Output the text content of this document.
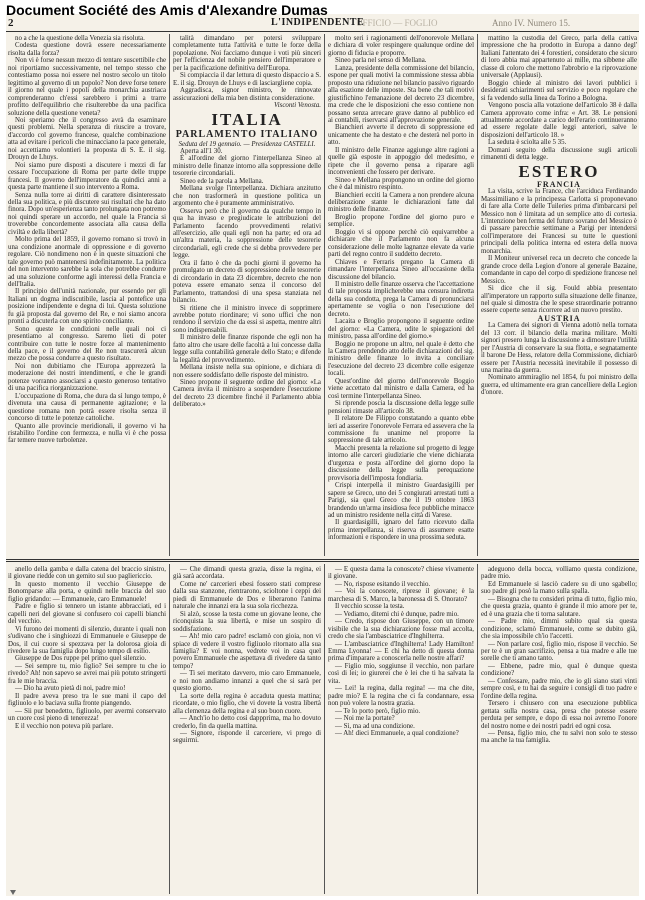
Document Société des Amis d'Alexandre Dumas
2	L'INDIPENDENTE
UFFICIO — FOGLIO	Anno IV. Numero 15.

no a che la questione della Venezia sia risoluta.

Codesta questione dovrà essere necessariamente risolta dalla forza?

Non vi è forse nessun mezzo di tentare suscettibile che noi riportiamo successivamente, nel tempo stesso che contestiamo possa noi essere nel nostro secolo un titolo legittimo al governo di un popolo? Non deve forse tenere il giorno nel quale i popoli della monarchia austriaca comprenderanno ch'essi sarebbero i primi a trarre profitto dell'equilibrio che risulterebbe da una pacifica soluzione della questione veneta?

Noi speriamo che il congresso avrà da esaminare questi problemi. Nella speranza di riuscire a trovare, d'accordo col governo francese, qualche combinazione atta ad evitare i pericoli che minacciano la pace generale, noi accettiamo volontieri la proposta di S. E. il sig. Drouyn de Lhuys.

Noi siamo pure disposti a discutere i mezzi di far cessare l'occupazione di Roma per parte delle truppe francesi. Il governo dell'imperatore da quindici anni a questa parte mantiene il suo intervento a Roma.

Senza nulla torre ai diritti di carattere disinteressato della sua politica, e più discutere sui risultati che ha dato finora. Dopo un'esperienza tanto prolungata non potremo noi quindi sperare un accordo, nel quale la Francia si troverebbe concordemente associata alla causa della civiltà e della libertà?

Molto prima del 1859, il governo romano si trovò in una condizione anormale di oppressione e di governo regolare. Ciò nondimeno non è in queste situazioni che tale governo può mantenersi indefinitamente. La politica del non intervento sarebbe la sola che potrebbe condurre ad una soluzione conforme agli interessi della Francia e dell'Italia.

Il principio dell'unità nazionale, pur essendo per gli Italiani un dogma indiscutibile, lascia al pontefice una posizione indipendente e degna di lui. Questa soluzione fu già proposta dal governo del Re, e noi siamo ancora pronti a discuterla con uno spirito conciliante.

Sono queste le condizioni nelle quali noi ci presentiamo al congresso. Saremo lieti di poter contribuire con tutte le nostre forze al mantenimento della pace, e il governo del Re non trascurerà alcun mezzo che possa condurre a questo risultato.

Noi non dubitiamo che l'Europa apprezzerà la moderazione dei nostri intendimenti, e che le grandi potenze vorranno associarsi a questo generoso tentativo di una pacifica riorganizzazione.

L'occupazione di Roma, che dura da sì lungo tempo, è divenuta una causa di permanente agitazione; e la questione romana non potrà essere risolta senza il concorso di tutte le potenze cattoliche.

Quanto alle provincie meridionali, il governo vi ha ristabilito l'ordine con fermezza, e nulla vi è che possa far temere nuove turbolenze.

talità dimandano per potersi sviluppare completamente tutta l'attività e tutte le forze della popolazione. Noi facciamo dunque i voti più sinceri per l'efficienza del nobile pensiero dell'imperatore e per la pacificazione definitiva dell'Europa.

Si compiaccia il dar lettura di questo dispaccio a S. E. il sig. Drouyn de Lhuys e di lasciargliene copia.

Aggradisca, signor ministro, le rinnovate assicurazioni della mia ben distinta considerazione.

Visconti Venosta.

ITALIA

PARLAMENTO ITALIANO

Seduta del 19 gennaio. — Presidenza CASTELLI.

Aperta all'1 30.

È all'ordine del giorno l'interpellanza Sineo al ministro delle finanze intorno alla soppressione delle tesorerie circondariali.

Sineo ede la parola a Mellana.

Mellana svolge l'interpellanza. Dichiara anzitutto che non trasformerà in questione politica un argomento che è puramente amministrativo.

Osserva però che il governo da qualche tempo in qua ha invaso e pregiudicate le attribuzioni del Parlamento facendo provvedimenti relativi all'esercizio, alle quali egli non ha parte; ed ora ad un'altra materia, la soppressione delle tesorerie circondariali, egli crede che si debba provvedere per legge.

Ora il fatto è che da pochi giorni il governo ha promulgato un decreto di soppressione delle tesorerie di circondario in data 23 dicembre, decreto che non poteva essere emanato senza il concorso del Parlamento, trattandosi di una spesa stanziata nel bilancio.

Si ritiene che il ministro invece di sopprimere avrebbe potuto riordinare; vi sono uffici che non rendono il servizio che da essi si aspetta, mentre altri sono indispensabili.

Il ministro delle finanze risponde che egli non ha fatto altro che usare delle facoltà a lui concesse dalla legge sulla contabilità generale dello Stato; e difende la legalità del provvedimento.

Mellana insiste nella sua opinione, e dichiara di non essere soddisfatto delle risposte del ministro.

Sineo propone il seguente ordine del giorno: «La Camera invita il ministro a sospendere l'esecuzione del decreto 23 dicembre finché il Parlamento abbia deliberato.»

molto seri i ragionamenti dell'onorevole Mellana e dichiara di voler respingere qualunque ordine del giorno di fiducia e proporre.

Sineo parla nel senso di Mellana.

Lanza, presidente della commissione del bilancio, espone per quali motivi la commissione stessa abbia proposto una riduzione nel bilancio passivo riguardo alla esazione delle imposte. Sta bene che tali motivi giustifichino l'emanazione del decreto 23 dicembre, ma crede che le disposizioni che esso contiene non possano senza arrecare grave danno al pubblico ed ai contabili, riservarsi all'approvazione generale.

Bianchieri avverte il decreto di soppressione ed unicamente che ha destato e che desterà nel porto in atto.

Il ministro delle Finanze aggiunge altre ragioni a quelle già esposte in appoggio del medesimo, e ripete che il governo pensa a riparare agli inconvenienti che fossero per derivare.

Sineo e Mellana propongono un ordine del giorno che è dal ministro respinto.

Bianchieri ecciti la Camera a non prendere alcuna deliberazione stante le dichiarazioni fatte dal ministro delle finanze.

Broglio propone l'ordine del giorno puro e semplice.

Boggio vi si oppone perchè ciò equivarrebbe a dichiarare che il Parlamento non fa alcuna considerazione delle molte lagnanze elevate da varie parti del regno contro il suddetto decreto.

Chiaves e Ferraris pregano la Camera di rimandare l'interpellanza Sineo all'occasione della discussione del bilancio.

Il ministro delle finanze osserva che l'accettazione di tale proposta implicherebbe una censura indiretta della sua condotta, prega la Camera di pronunciarsi apertamente se voglia o non l'esecuzione del decreto.

Lacaita e Broglio propongono il seguente ordine del giorno: «La Camera, udite le spiegazioni del ministro, passa all'ordine del giorno.»

Boggio ne propone un altro, nel quale è detto che la Camera prendendo atto delle dichiarazioni del sig. ministro delle finanze lo invita a conciliare l'esecuzione del decreto 23 dicembre colle esigenze locali.

Quest'ordine del giorno dell'onorevole Boggio viene accettato dal ministro e dalla Camera, ed ha così termine l'interpellanza Sineo.

Si riprende poscia la discussione della legge sulle pensioni rimaste all'articolo 38.

Il relatore De Filippo constatando a quanto ebbe ieri ad asserire l'onorevole Ferrara ed assevera che la commissione fu unanime nel proporre la soppressione di tale articolo.

Macchi presenta la relazione sul progetto di legge intorno alle carceri giudiziarie che viene dichiarata d'urgenza e posta all'ordine del giorno dopo la discussione della legge sulla perequazione provvisoria dell'imposta fondiaria.

Crispi interpella il ministro Guardasigilli per sapere se Greco, uno dei 5 congiurati arrestati tutti a Parigi, sia quel Greco che il 19 ottobre 1863 brandendo un'arma insidiosa fece pubbliche minacce ad un ministro residente nella città di Varese.

Il guardasigilli, ignaro del fatto ricevuto dalla prima interpellanza, si riserva di assumere esatte informazioni e rispondere in una prossima seduta.

mattino la custodia del Greco, parla della cattiva impressione che ha prodotto in Europa a danno degl' Italiani l'attentato dei 4 forestieri, considerato che sicuro di loro abbia mai appartenuto ai mille, ma sibbene alle classe di coloro che mettono l'abrobrio e la riprovazione universale (Applausi).

Boggio chiede al ministro dei lavori pubblici i desiderati schiarimenti sul servizio e poco regolare che si fa vedendo sulla linea da Torino a Bologna.

Vengono poscia alla votazione dell'articolo 38 è dalla Camera approvato come infra: « Art. 38. Le pensioni attualmente accordate a carico dell'erario continueranno ad essere regolate dalle leggi anteriori, salve le disposizioni dell'articolo 18. »

La seduta è sciolta alle 5 35.

Domani seguito della discussione sugli articoli rimanenti di detta legge.

ESTERO

FRANCIA

La visita, scrive la France, che l'arciduca Ferdinando Massimiliano e la principessa Carlotta sì proponevano di fare alla Corte delle Tuileries prima d'imbarcarsi pel Messico non è limitata ad un semplice atto di cortesia. L'intenzione ben ferma del futuro sovrano del Messico è di passare parecchie settimane a Parigi per intendersi coll'imperatore dei Francesi su tutte le questioni principali della politica interna ed estera della nuova monarchia.

Il Moniteur universel reca un decreto che concede la grande croce della Legion d'onore al generale Bazaine, comandante in capo del corpo di spedizione francese nel Messico.

Si dice che il sig. Fould abbia presentato all'imperatore un rapporto sulla situazione delle finanze, nel quale si dimostra che le spese straordinarie potranno essere coperte senza ricorrere ad un nuovo prestito.

AUSTRIA

La Camera dei signori di Vienna adottò nella tornata del 13 corr. il bilancio della marina militare. Molti signori presero lunga la discussione a dimostrare l'utilità per l'Austria di conservare la sua flotta, e segnatamente il barone De Hess, relatore della Commissione, dichiarò essere per l'Austria necessità inevitabile il possesso di una marina da guerra.

Nominato ammiraglio nel 1854, fu poi ministro della guerra, ed ultimamente era gran cancelliere della Legion d'onore.

anello della gamba e dalla catena del braccio sinistro, il giovane riedde con un gemito sul suo pagliericcio.

In questo momento il vecchio Giuseppe de Bonomparse alla porta, e quindi nelle braccia del suo figlio gridando: — Emmanuele, caro Emmanuele!

Padre e figlio si tennero un istante abbracciati, ed i capelli neri del giovane si confusero coi capelli bianchi del vecchio.

Vi furono dei momenti di silenzio, durante i quali non s'udivano che i singhiozzi di Emmanuele e Giuseppe de Dos, il cui cuore si spezzava per la dolorosa gioia di rivedere la sua famiglia dopo lungo tempo di esilio.

Giuseppe de Dos ruppe pel primo quel silenzio.

— Sei sempre tu, mio figlio? Sei sempre tu che io rivedo? Ah! non sapevo se avrei mai più potuto stringerti fra le mie braccia.

— Dio ha avuto pietà di noi, padre mio!

Il padre aveva preso tra le sue mani il capo del figliuolo e lo baciava sulla fronte piangendo.

— Sii pur benedetto, figliuolo, per avermi conservato un cuore così pieno di tenerezza!

E il vecchio non poteva più parlare.

— Che dimandi questa grazia, disse la regina, ei già sarà accordata.

Come ne' carcerieri ebesi fossero stati comprese dalla sua stanzone, rientrarono, scioltone i ceppi dei piedi di Emmanuele de Dos e liberarono l'anima naturale che innanzi era la sua sola ricchezza.

Si alzò, scosse la testa come un giovane leone, che riconquista la sua libertà, e mise un sospiro di soddisfazione.

— Ah! mio caro padre! esclamò con gioia, non vi spiace di vedere il vostro figliuolo ritornato alla sua famiglia? E voi nonna, vedrete voi in casa quel povero Emmanuele che aspettava di rivedere da tanto tempo?

— Ti sei meritato davvero, mio caro Emmanuele, e noi non andiamo innanzi a quel che si sarà per questo giorno.

La sorte della regina è accaduta questa mattina; ricordate, o mio figlio, che vi dovete la vostra libertà alla clemenza della regina e al suo buon cuore.

— Anch'io ho detto così dappprima, ma ho dovuto crederlo, fin da quella mattina.

— Signore, risponde il carceriere, vi prego di seguirmi.

— E questa dama la conoscete? chiese vivamente il giovane.

— No, rispose esitando il vecchio.

— Voi la conoscete, riprese il giovane; è la marchesa di S. Marco, la baronessa di S. Onorato?

Il vecchio scosse la testa.

— Vediamo, ditemi chi è dunque, padre mio.

— Credo, rispose don Giuseppe, con un timore visibile che la sua dichiarazione fosse mal accolta, credo che sia l'ambasciatrice d'Inghilterra.

— L'ambasciatrice d'Inghilterra! Lady Hamilton! Emma Lyonna! — E chi ha detto di questa donna prima d'imparare a conoscerla nelle nostre affari?

— Figlio mio, soggiunse il vecchio, non parlare così di lei; io giurerei che è lei che ti ha salvata la vita.

— Lei! la regina, dalla regina! — ma che dite, padre mio? E la regina che ci fa condannare, essa non può volere la nostra grazia.

— Te lo porto però, figlio mio.

— Noi me la portate?

— Sì, ma ad una condizione.

— Ah! dieci Emmanuele, a qual condizione?

adeguono della bocca, volliamo questa condizione, padre mio.

Ed Emmanuele si lasciò cadere su di uno sgabello; suo padre gli posò la mano sulla spalla.

— Bisogna che tu consideri prima di tutto, figlio mio, che questa grazia, quanto è grande il mio amore per te, ed è una grazia che ti torna salutare.

— Padre mio, dimmi subito qual sia questa condizione, sclamò Emmanuele, come se dubito già, che sia impossibile ch'io l'accetti.

— Non parlare così, figlio mio, rispose il vecchio. Se per te è un gran sacrifizio, pensa a tua madre e alle tue sorelle che ti amano tanto.

— Ebbene, padre mio, qual è dunque questa condizione?

— Confessare, padre mio, che io gli siano stati vinti sempre così, e tu hai da seguire i consigli di tuo padre e l'ordine della regina.

Tersero i chiusero con una esecuzione pubblica gettata sulla nostra casa, presa che potesse essere perduta per sempre, e dopo di essa noi avremo l'onore del nostro nome e dei nostri padri ed ogni cosa.

— Pensa, figlio mio, che tu salvi non solo te stesso ma anche la tua famiglia.
